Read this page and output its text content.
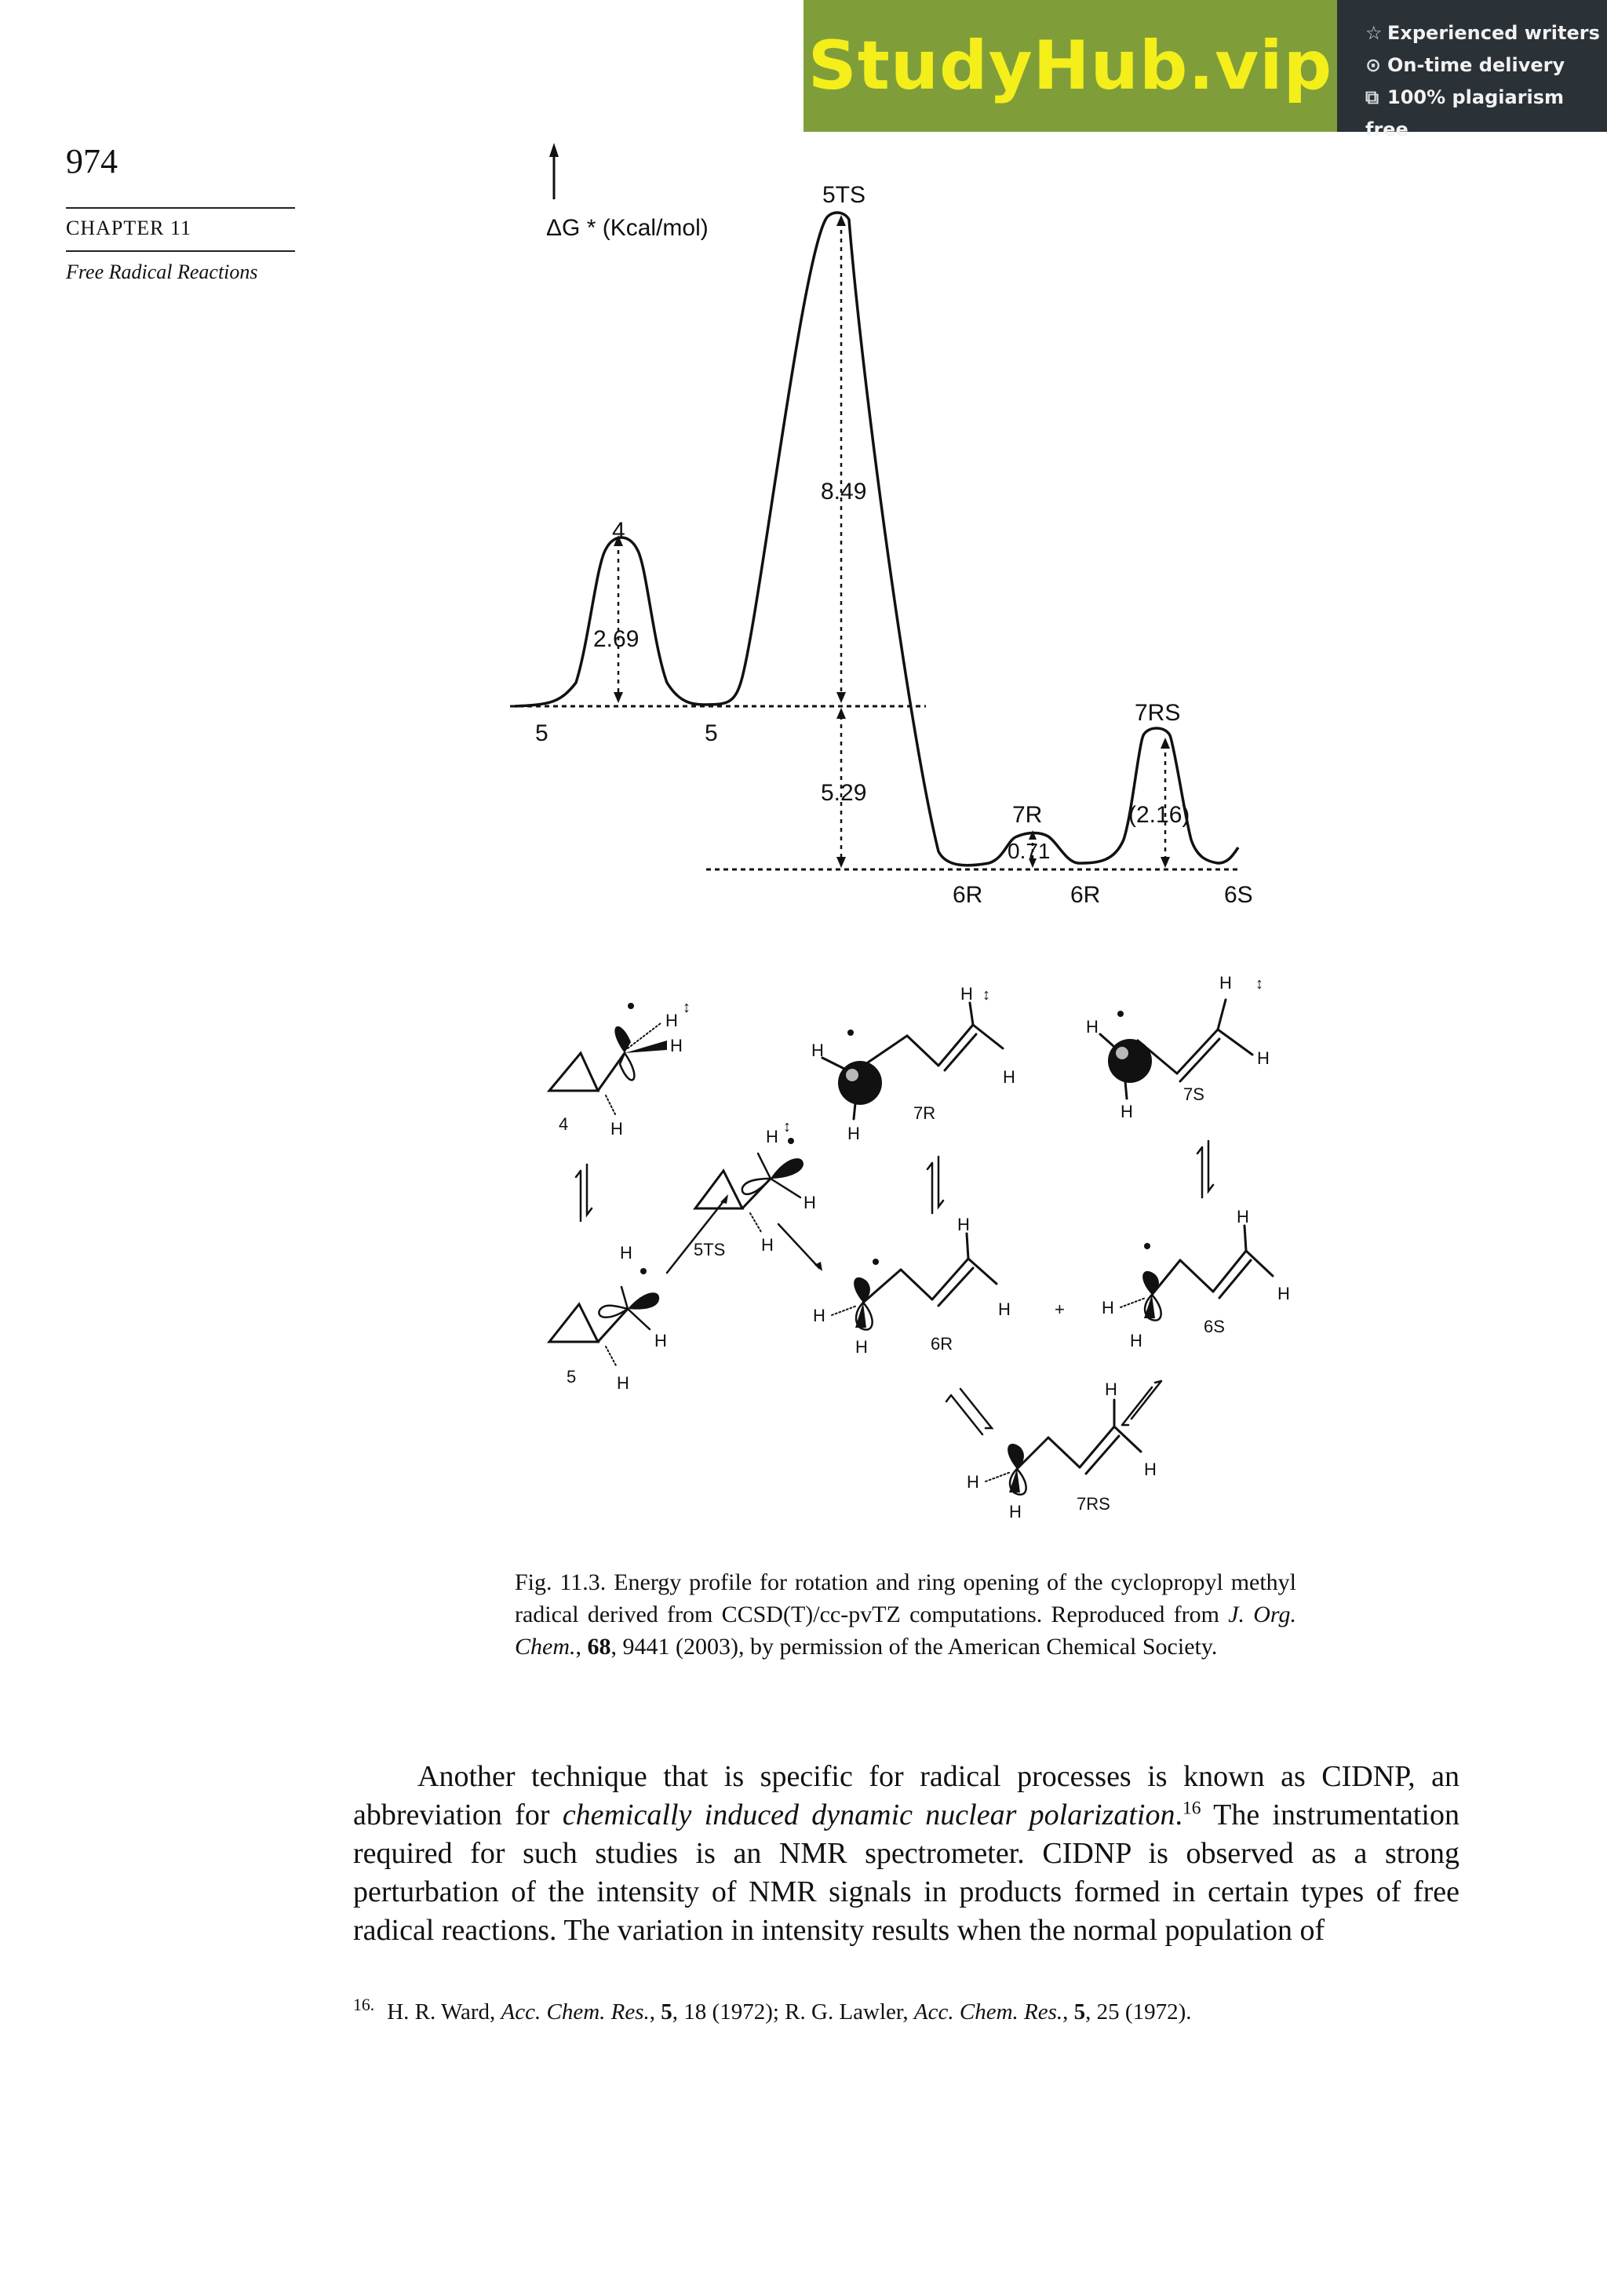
StudyHub.vip ☆ Experienced writers
⊙ On-time delivery
⧉ 100% plagiarism free
974
CHAPTER 11
Free Radical Reactions
ΔG * (Kcal/mol)
5TS
4
8.49
2.69
5.29
5	5
7RS
7R
0.71
(2.16)
6R	6R	6S
H
H
H
4
↕
H
H
H
H
7R
↕
H
H
H
H
7S
↕
H
H
H
↕
5TS
H
H
H
5
H
H
H
H	6R
+ H
H
H
H
6S
H
H
H
H	7RS
Fig. 11.3. Energy profile for rotation and ring opening of the cyclopropyl methyl radical derived from CCSD(T)/cc-pvTZ computations. Reproduced from J. Org. Chem., 68, 9441 (2003), by permission of the American Chemical Society.

Another technique that is specific for radical processes is known as CIDNP, an abbreviation for chemically induced dynamic nuclear polarization.$^{16}$ The instrumentation required for such studies is an NMR spectrometer. CIDNP is observed as a strong perturbation of the intensity of NMR signals in products formed in certain types of free radical reactions. The variation in intensity results when the normal population of

$^{16.}$ H. R. Ward, Acc. Chem. Res., 5, 18 (1972); R. G. Lawler, Acc. Chem. Res., 5, 25 (1972).
